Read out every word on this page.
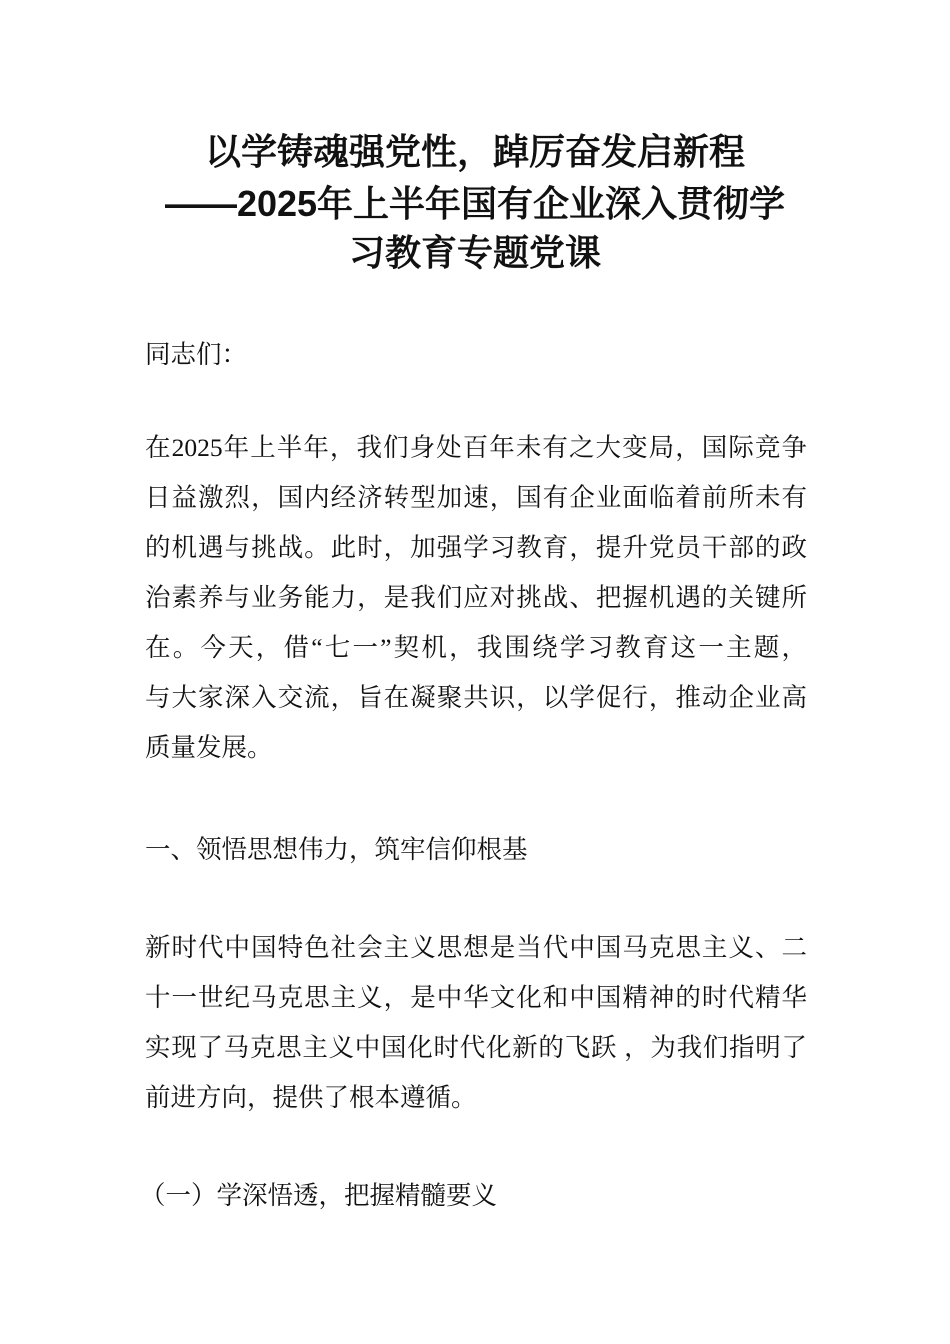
以学铸魂强党性，踔厉奋发启新程
——2025年上半年国有企业深入贯彻学
习教育专题党课
同志们：
在2025年上半年，我们身处百年未有之大变局，国际竞争
日益激烈，国内经济转型加速，国有企业面临着前所未有
的机遇与挑战。此时，加强学习教育，提升党员干部的政
治素养与业务能力，是我们应对挑战、把握机遇的关键所
在。今天，借“七一”契机，我围绕学习教育这一主题，
与大家深入交流，旨在凝聚共识，以学促行，推动企业高
质量发展。
一、领悟思想伟力，筑牢信仰根基
新时代中国特色社会主义思想是当代中国马克思主义、二
十一世纪马克思主义，是中华文化和中国精神的时代精华
实现了马克思主义中国化时代化新的飞跃 ，为我们指明了
前进方向，提供了根本遵循。
（一）学深悟透，把握精髓要义
